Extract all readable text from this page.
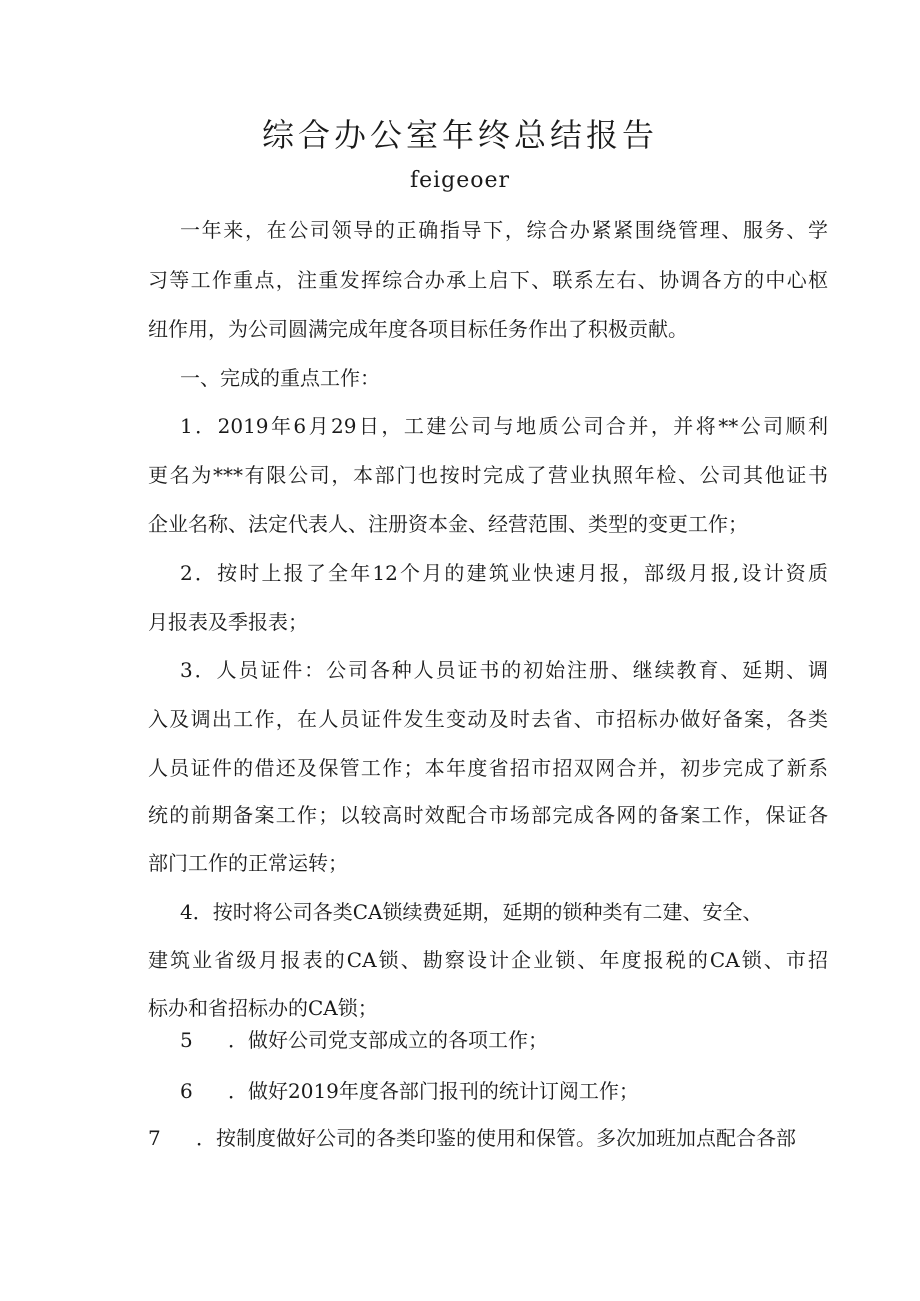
综合办公室年终总结报告
feigeoer
一年来，在公司领导的正确指导下，综合办紧紧围绕管理、服务、学
习等工作重点，注重发挥综合办承上启下、联系左右、协调各方的中心枢
纽作用，为公司圆满完成年度各项目标任务作出了积极贡献。
一、完成的重点工作：
1．2019年6月29日，工建公司与地质公司合并，并将**公司顺利
更名为***有限公司，本部门也按时完成了营业执照年检、公司其他证书
企业名称、法定代表人、注册资本金、经营范围、类型的变更工作；
2．按时上报了全年12个月的建筑业快速月报，部级月报,设计资质
月报表及季报表；
3．人员证件：公司各种人员证书的初始注册、继续教育、延期、调
入及调出工作，在人员证件发生变动及时去省、市招标办做好备案，各类
人员证件的借还及保管工作；本年度省招市招双网合并，初步完成了新系
统的前期备案工作；以较高时效配合市场部完成各网的备案工作，保证各
部门工作的正常运转；
4．按时将公司各类CA锁续费延期，延期的锁种类有二建、安全、
建筑业省级月报表的CA锁、勘察设计企业锁、年度报税的CA锁、市招
标办和省招标办的CA锁；
5 ．做好公司党支部成立的各项工作；
6 ．做好2019年度各部门报刊的统计订阅工作；
7 ．按制度做好公司的各类印鉴的使用和保管。多次加班加点配合各部
